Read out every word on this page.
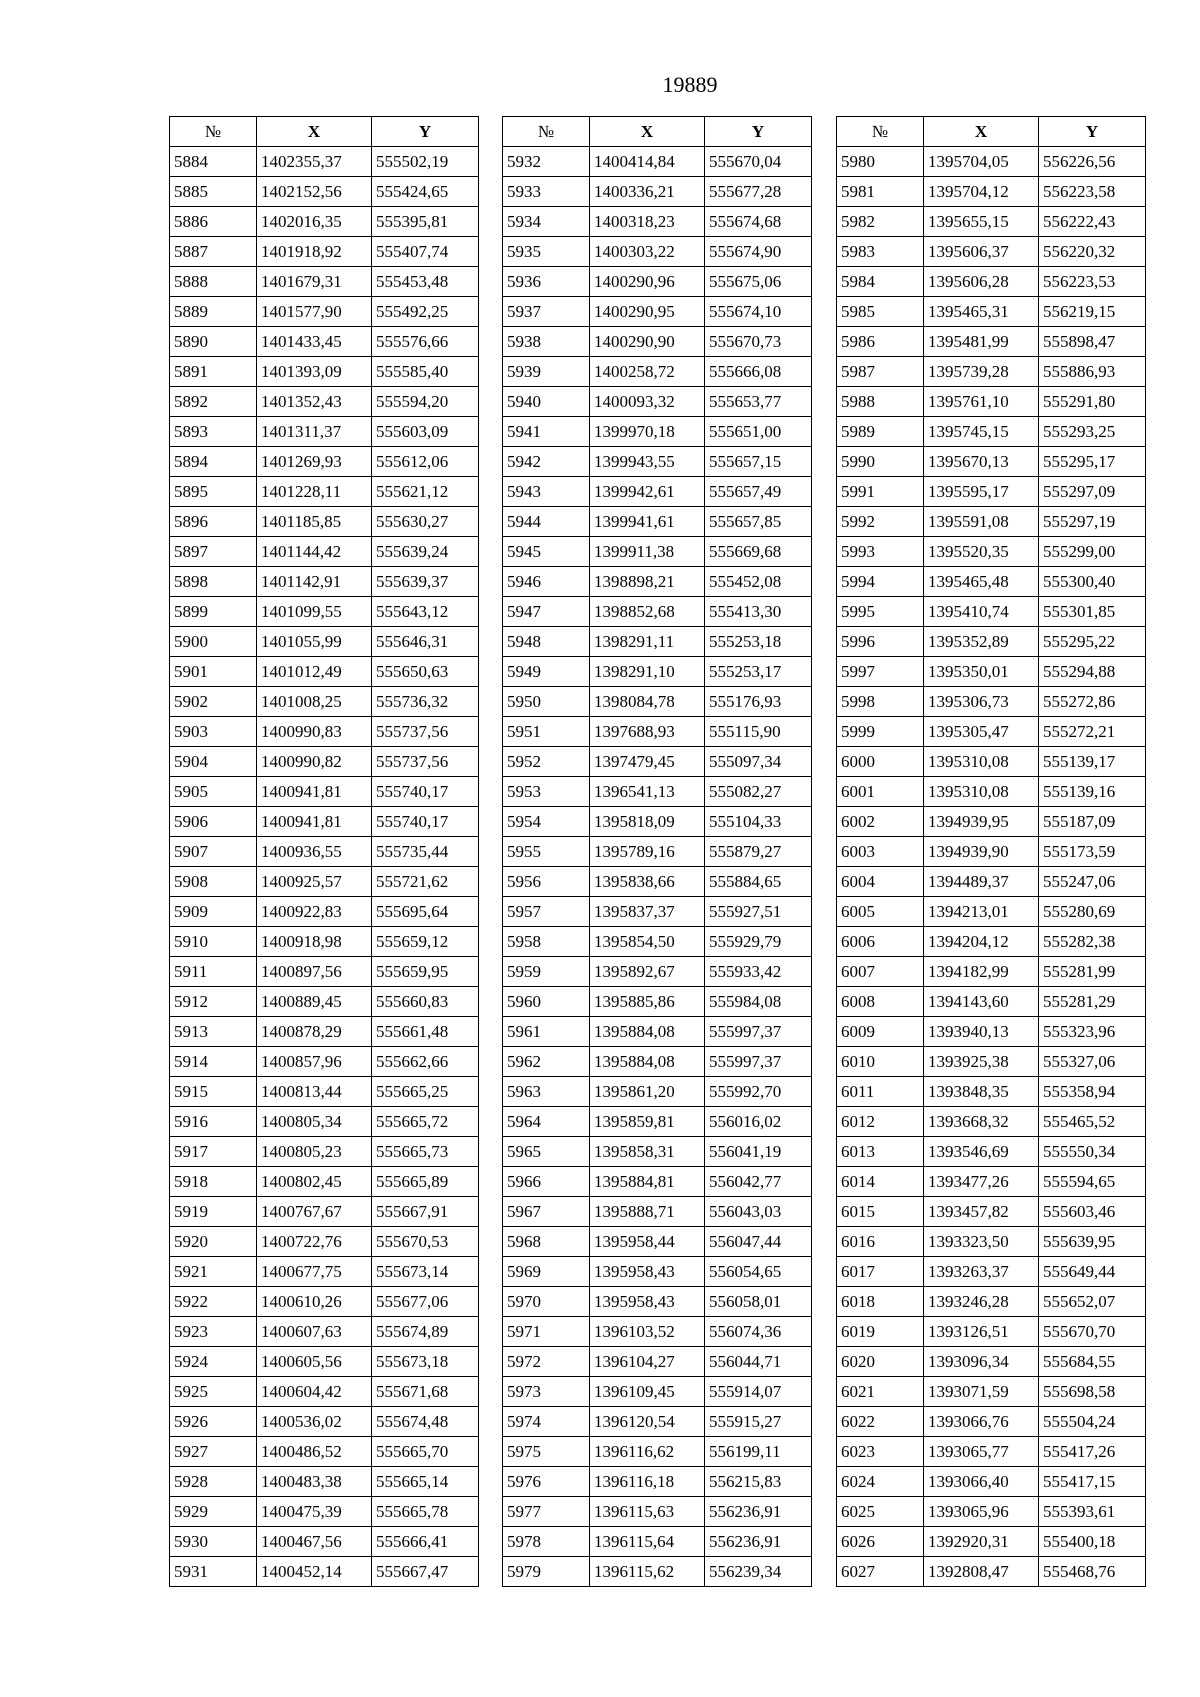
19889
№	X	Y
5884	1402355,37	555502,19
5885	1402152,56	555424,65
5886	1402016,35	555395,81
5887	1401918,92	555407,74
5888	1401679,31	555453,48
5889	1401577,90	555492,25
5890	1401433,45	555576,66
5891	1401393,09	555585,40
5892	1401352,43	555594,20
5893	1401311,37	555603,09
5894	1401269,93	555612,06
5895	1401228,11	555621,12
5896	1401185,85	555630,27
5897	1401144,42	555639,24
5898	1401142,91	555639,37
5899	1401099,55	555643,12
5900	1401055,99	555646,31
5901	1401012,49	555650,63
5902	1401008,25	555736,32
5903	1400990,83	555737,56
5904	1400990,82	555737,56
5905	1400941,81	555740,17
5906	1400941,81	555740,17
5907	1400936,55	555735,44
5908	1400925,57	555721,62
5909	1400922,83	555695,64
5910	1400918,98	555659,12
5911	1400897,56	555659,95
5912	1400889,45	555660,83
5913	1400878,29	555661,48
5914	1400857,96	555662,66
5915	1400813,44	555665,25
5916	1400805,34	555665,72
5917	1400805,23	555665,73
5918	1400802,45	555665,89
5919	1400767,67	555667,91
5920	1400722,76	555670,53
5921	1400677,75	555673,14
5922	1400610,26	555677,06
5923	1400607,63	555674,89
5924	1400605,56	555673,18
5925	1400604,42	555671,68
5926	1400536,02	555674,48
5927	1400486,52	555665,70
5928	1400483,38	555665,14
5929	1400475,39	555665,78
5930	1400467,56	555666,41
5931	1400452,14	555667,47
№	X	Y
5932	1400414,84	555670,04
5933	1400336,21	555677,28
5934	1400318,23	555674,68
5935	1400303,22	555674,90
5936	1400290,96	555675,06
5937	1400290,95	555674,10
5938	1400290,90	555670,73
5939	1400258,72	555666,08
5940	1400093,32	555653,77
5941	1399970,18	555651,00
5942	1399943,55	555657,15
5943	1399942,61	555657,49
5944	1399941,61	555657,85
5945	1399911,38	555669,68
5946	1398898,21	555452,08
5947	1398852,68	555413,30
5948	1398291,11	555253,18
5949	1398291,10	555253,17
5950	1398084,78	555176,93
5951	1397688,93	555115,90
5952	1397479,45	555097,34
5953	1396541,13	555082,27
5954	1395818,09	555104,33
5955	1395789,16	555879,27
5956	1395838,66	555884,65
5957	1395837,37	555927,51
5958	1395854,50	555929,79
5959	1395892,67	555933,42
5960	1395885,86	555984,08
5961	1395884,08	555997,37
5962	1395884,08	555997,37
5963	1395861,20	555992,70
5964	1395859,81	556016,02
5965	1395858,31	556041,19
5966	1395884,81	556042,77
5967	1395888,71	556043,03
5968	1395958,44	556047,44
5969	1395958,43	556054,65
5970	1395958,43	556058,01
5971	1396103,52	556074,36
5972	1396104,27	556044,71
5973	1396109,45	555914,07
5974	1396120,54	555915,27
5975	1396116,62	556199,11
5976	1396116,18	556215,83
5977	1396115,63	556236,91
5978	1396115,64	556236,91
5979	1396115,62	556239,34
№	X	Y
5980	1395704,05	556226,56
5981	1395704,12	556223,58
5982	1395655,15	556222,43
5983	1395606,37	556220,32
5984	1395606,28	556223,53
5985	1395465,31	556219,15
5986	1395481,99	555898,47
5987	1395739,28	555886,93
5988	1395761,10	555291,80
5989	1395745,15	555293,25
5990	1395670,13	555295,17
5991	1395595,17	555297,09
5992	1395591,08	555297,19
5993	1395520,35	555299,00
5994	1395465,48	555300,40
5995	1395410,74	555301,85
5996	1395352,89	555295,22
5997	1395350,01	555294,88
5998	1395306,73	555272,86
5999	1395305,47	555272,21
6000	1395310,08	555139,17
6001	1395310,08	555139,16
6002	1394939,95	555187,09
6003	1394939,90	555173,59
6004	1394489,37	555247,06
6005	1394213,01	555280,69
6006	1394204,12	555282,38
6007	1394182,99	555281,99
6008	1394143,60	555281,29
6009	1393940,13	555323,96
6010	1393925,38	555327,06
6011	1393848,35	555358,94
6012	1393668,32	555465,52
6013	1393546,69	555550,34
6014	1393477,26	555594,65
6015	1393457,82	555603,46
6016	1393323,50	555639,95
6017	1393263,37	555649,44
6018	1393246,28	555652,07
6019	1393126,51	555670,70
6020	1393096,34	555684,55
6021	1393071,59	555698,58
6022	1393066,76	555504,24
6023	1393065,77	555417,26
6024	1393066,40	555417,15
6025	1393065,96	555393,61
6026	1392920,31	555400,18
6027	1392808,47	555468,76
